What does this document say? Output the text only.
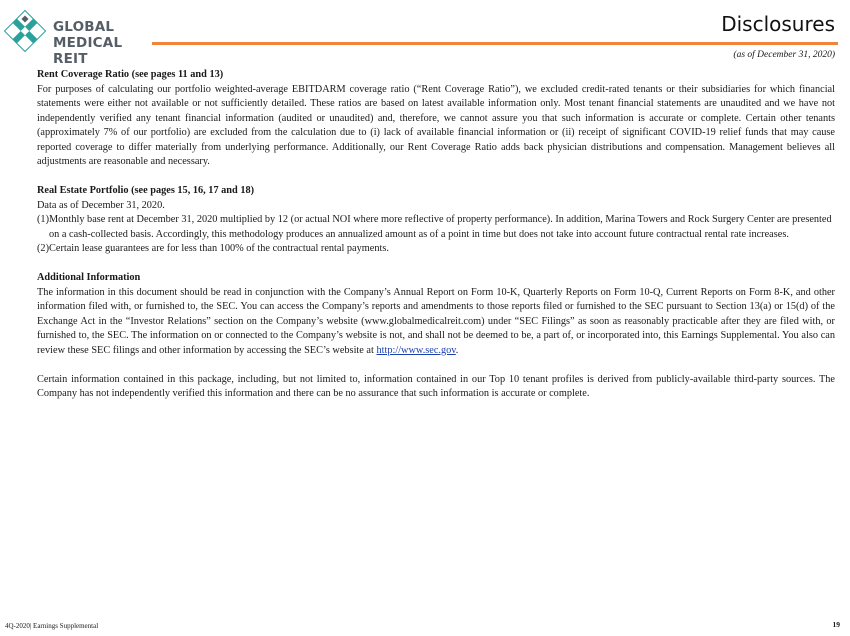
GLOBAL
MEDICAL REIT
Disclosures
(as of December 31, 2020)

Rent Coverage Ratio (see pages 11 and 13)

For purposes of calculating our portfolio weighted-average EBITDARM coverage ratio (“Rent Coverage Ratio”), we excluded credit-rated tenants or their subsidiaries for which financial statements were either not available or not sufficiently detailed. These ratios are based on latest available information only. Most tenant financial statements are unaudited and we have not independently verified any tenant financial information (audited or unaudited) and, therefore, we cannot assure you that such information is accurate or complete. Certain other tenants (approximately 7% of our portfolio) are excluded from the calculation due to (i) lack of available financial information or (ii) receipt of significant COVID-19 relief funds that may cause reported coverage to differ materially from underlying performance. Additionally, our Rent Coverage Ratio adds back physician distributions and compensation. Management believes all adjustments are reasonable and necessary.

Real Estate Portfolio (see pages 15, 16, 17 and 18)

Data as of December 31, 2020.

(1) Monthly base rent at December 31, 2020 multiplied by 12 (or actual NOI where more reflective of property performance). In addition, Marina Towers and Rock Surgery Center are presented on a cash-collected basis. Accordingly, this methodology produces an annualized amount as of a point in time but does not take into account future contractual rental rate increases.
(2) Certain lease guarantees are for less than 100% of the contractual rental payments.

Additional Information

The information in this document should be read in conjunction with the Company’s Annual Report on Form 10-K, Quarterly Reports on Form 10-Q, Current Reports on Form 8-K, and other information filed with, or furnished to, the SEC. You can access the Company’s reports and amendments to those reports filed or furnished to the SEC pursuant to Section 13(a) or 15(d) of the Exchange Act in the “Investor Relations” section on the Company’s website (www.globalmedicalreit.com) under “SEC Filings” as soon as reasonably practicable after they are filed with, or furnished to, the SEC. The information on or connected to the Company’s website is not, and shall not be deemed to be, a part of, or incorporated into, this Earnings Supplemental. You also can review these SEC filings and other information by accessing the SEC’s website at http://www.sec.gov.

Certain information contained in this package, including, but not limited to, information contained in our Top 10 tenant profiles is derived from publicly-available third-party sources. The Company has not independently verified this information and there can be no assurance that such information is accurate or complete.

4Q-2020| Earnings Supplemental	19
